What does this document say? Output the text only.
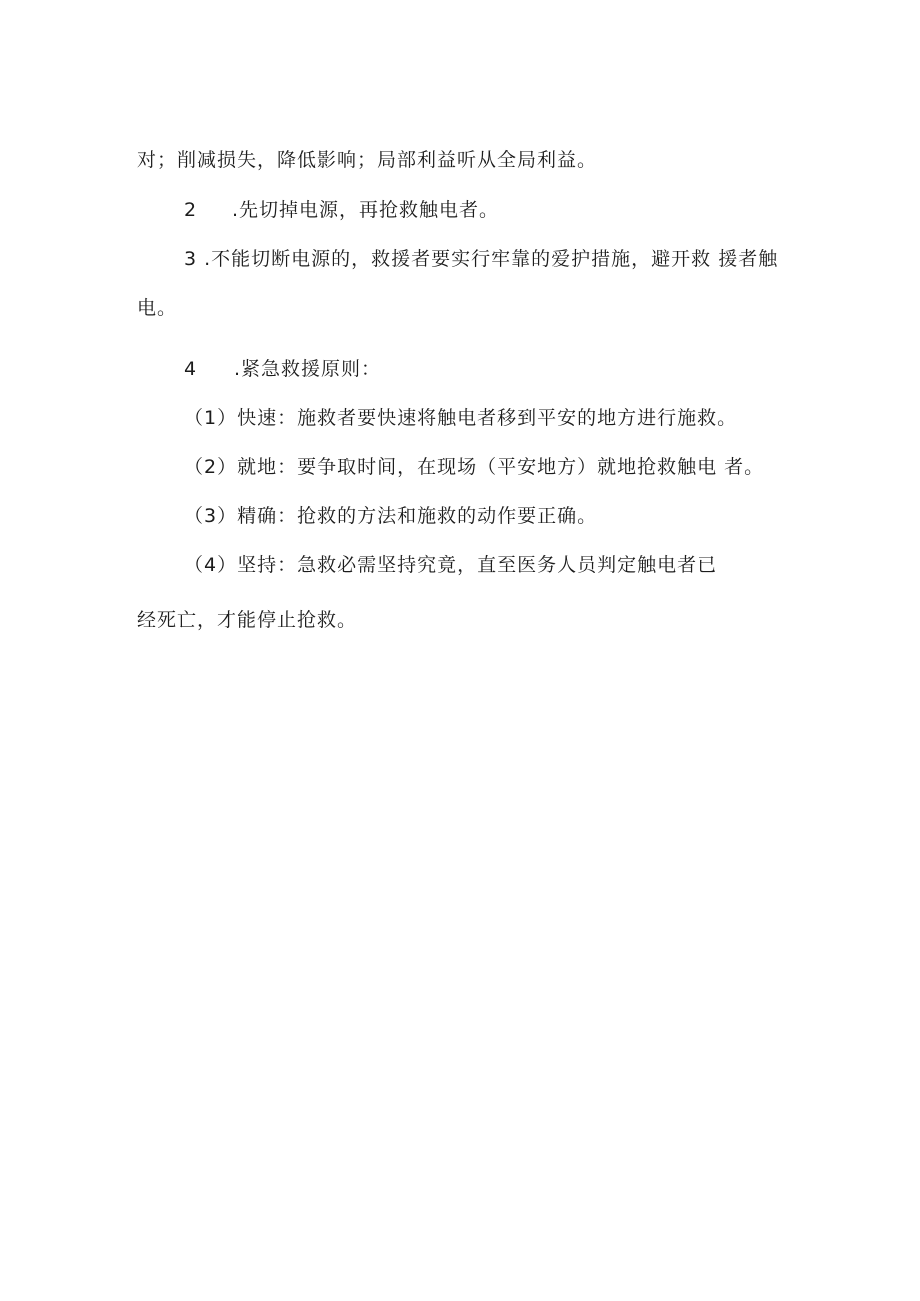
对；削减损失，降低影响；局部利益听从全局利益。
2 .先切掉电源，再抢救触电者。
3 .不能切断电源的，救援者要实行牢靠的爱护措施，避开救 援者触
电。
4 .紧急救援原则：
（1）快速：施救者要快速将触电者移到平安的地方进行施救。
（2）就地：要争取时间，在现场（平安地方）就地抢救触电 者。
（3）精确：抢救的方法和施救的动作要正确。
（4）坚持：急救必需坚持究竟，直至医务人员判定触电者已
经死亡，才能停止抢救。
